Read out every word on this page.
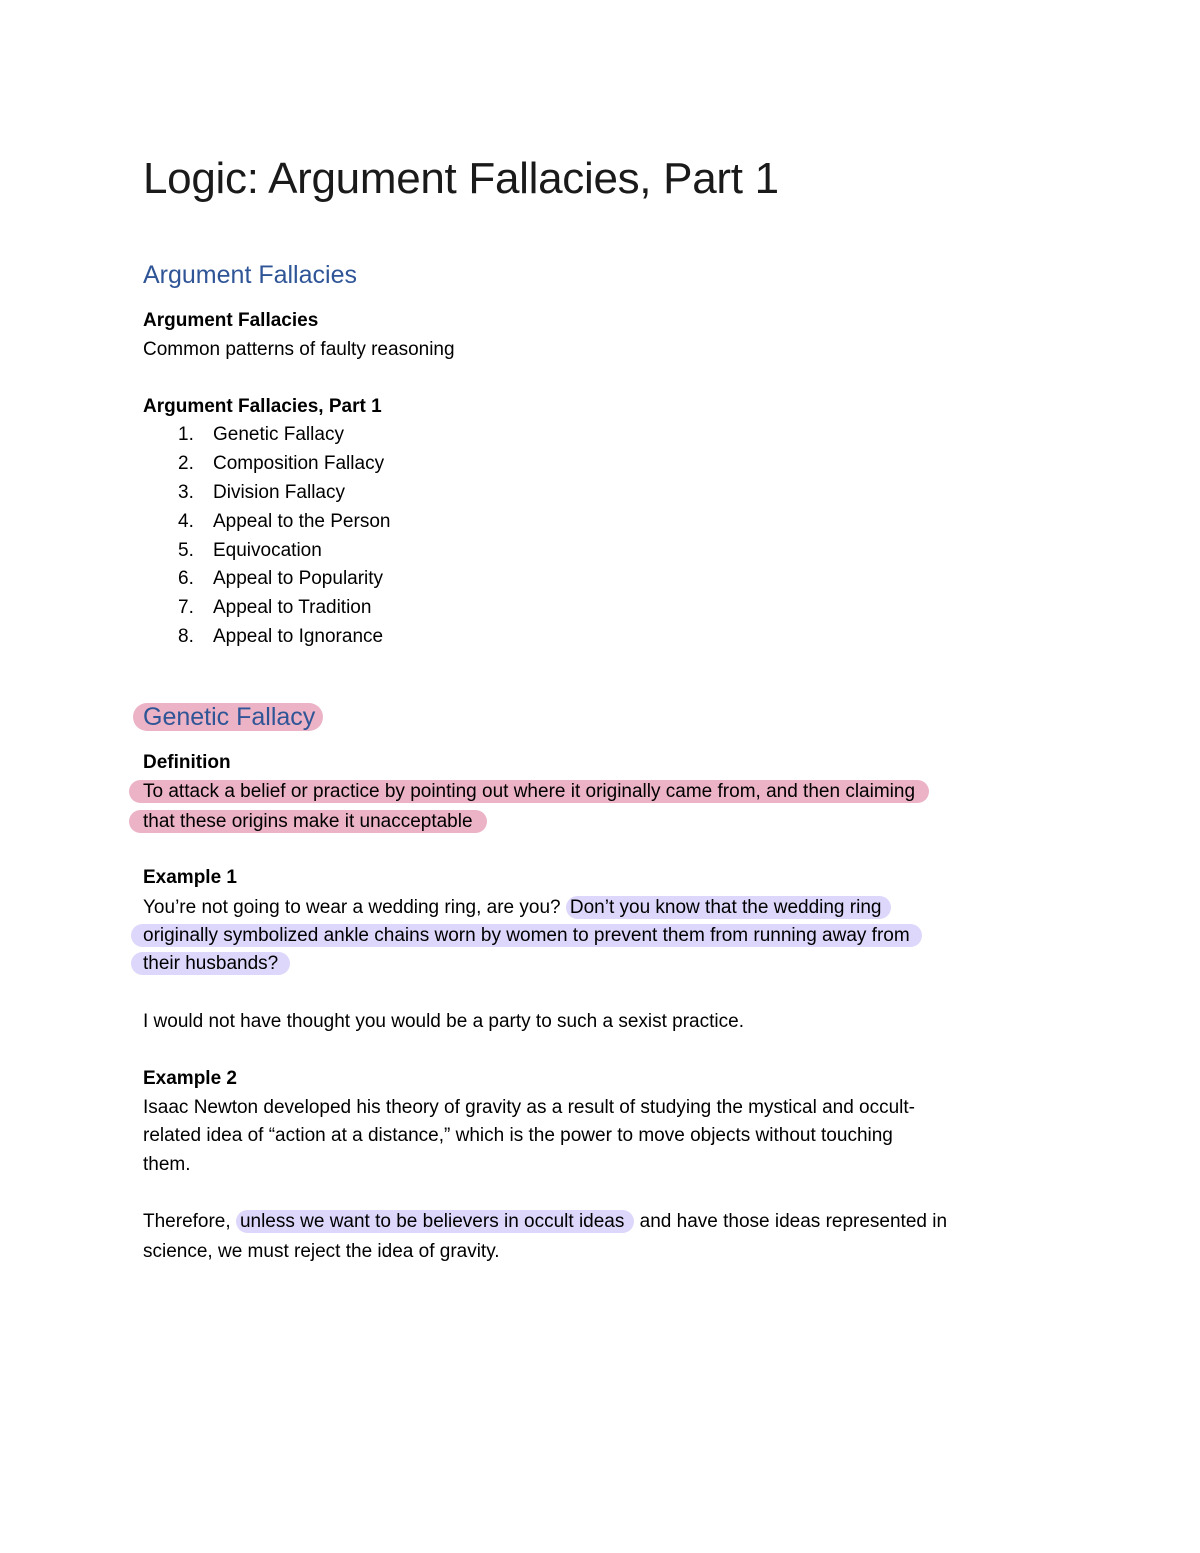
Logic: Argument Fallacies, Part 1
Argument Fallacies
Argument Fallacies
Common patterns of faulty reasoning
Argument Fallacies, Part 1
1. Genetic Fallacy
2. Composition Fallacy
3. Division Fallacy
4. Appeal to the Person
5. Equivocation
6. Appeal to Popularity
7. Appeal to Tradition
8. Appeal to Ignorance
Genetic Fallacy
Definition
To attack a belief or practice by pointing out where it originally came from, and then claiming
that these origins make it unacceptable
Example 1
You’re not going to wear a wedding ring, are you? Don’t you know that the wedding ring
originally symbolized ankle chains worn by women to prevent them from running away from
their husbands?
I would not have thought you would be a party to such a sexist practice.
Example 2
Isaac Newton developed his theory of gravity as a result of studying the mystical and occult-
related idea of “action at a distance,” which is the power to move objects without touching
them.
Therefore, unless we want to be believers in occult ideas and have those ideas represented in
science, we must reject the idea of gravity.
